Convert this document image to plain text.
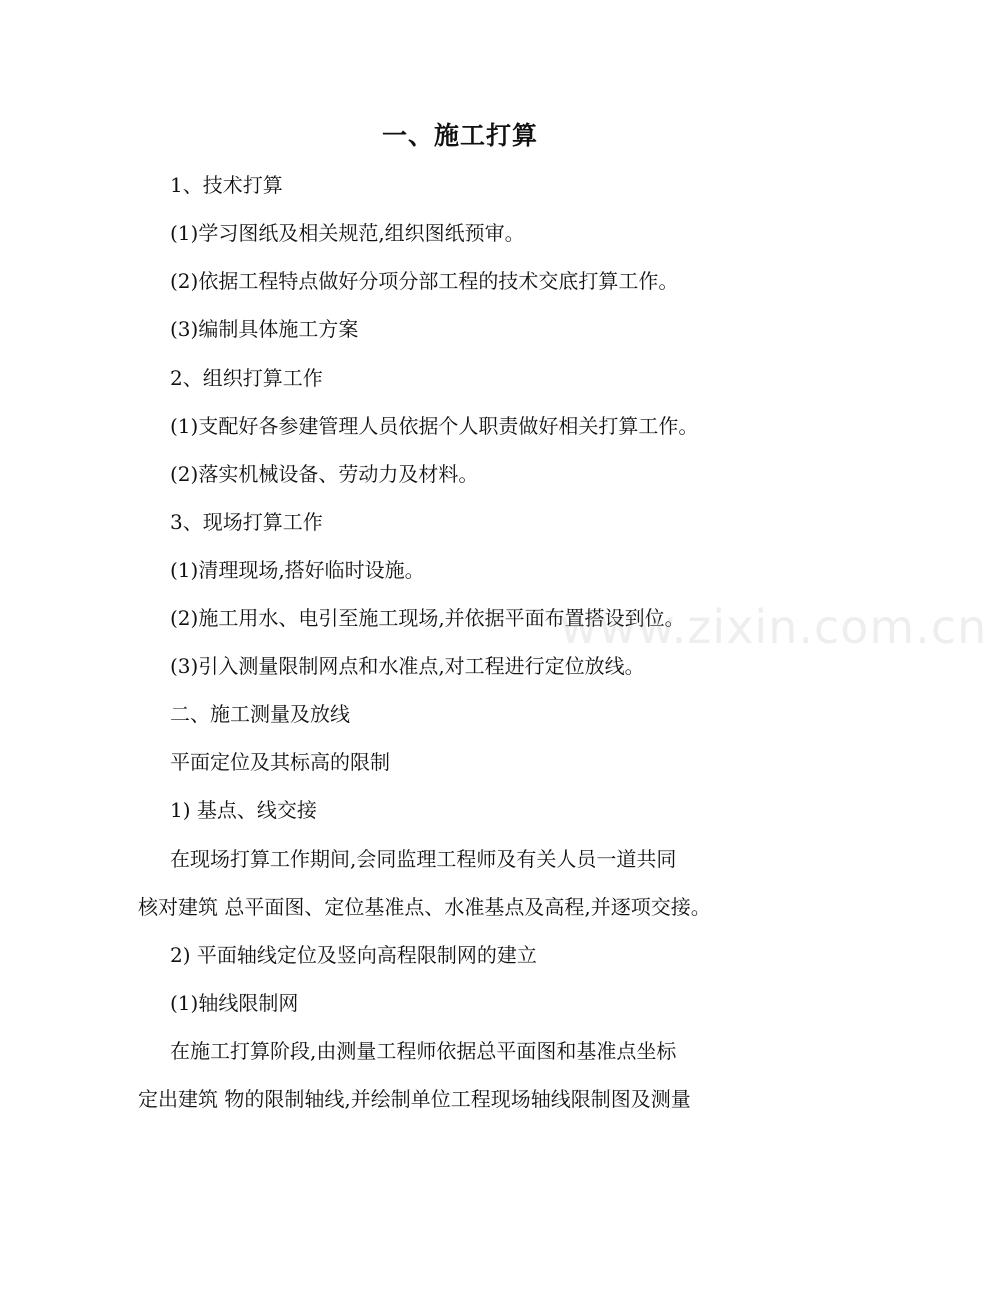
一、施工打算
1、技术打算
(1)学习图纸及相关规范,组织图纸预审。
(2)依据工程特点做好分项分部工程的技术交底打算工作。
(3)编制具体施工方案
2、组织打算工作
(1)支配好各参建管理人员依据个人职责做好相关打算工作。
(2)落实机械设备、劳动力及材料。
3、现场打算工作
(1)清理现场,搭好临时设施。
(2)施工用水、电引至施工现场,并依据平面布置搭设到位。
(3)引入测量限制网点和水准点,对工程进行定位放线。
二、施工测量及放线
平面定位及其标高的限制
1) 基点、线交接
在现场打算工作期间,会同监理工程师及有关人员一道共同
核对建筑 总平面图、定位基准点、水准基点及高程,并逐项交接。
2) 平面轴线定位及竖向高程限制网的建立
(1)轴线限制网
在施工打算阶段,由测量工程师依据总平面图和基准点坐标
定出建筑 物的限制轴线,并绘制单位工程现场轴线限制图及测量
www.zixin.com.cn
